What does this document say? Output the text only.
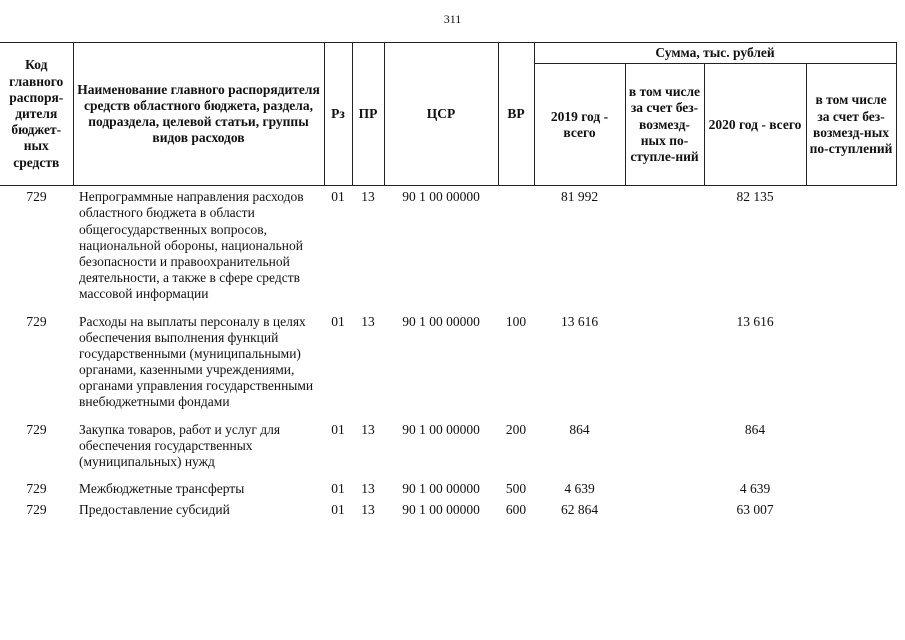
311
Код главного распоря-дителя бюджет-ных средств	Наименование главного распорядителя средств областного бюджета, раздела, подраздела, целевой статьи, группы видов расходов	Рз	ПР	ЦСР	ВР	Сумма, тыс. рублей			
						2019 год - всего	в том числе за счет без-возмезд-ных по-ступле-ний	2020 год - всего	в том числе за счет без-возмезд-ных по-ступлений
729	Непрограммные направления расходов областного бюджета в области общегосударственных вопросов, национальной обороны, национальной безопасности и правоохранительной деятельности, а также в сфере средств массовой информации	01	13	90 1 00 00000		81 992		82 135	
729	Расходы на выплаты персоналу в целях обеспечения выполнения функций государственными (муниципальными) органами, казенными учреждениями, органами управления государственными внебюджетными фондами	01	13	90 1 00 00000	100	13 616		13 616	
729	Закупка товаров, работ и услуг для обеспечения государственных (муниципальных) нужд	01	13	90 1 00 00000	200	864		864	
729	Межбюджетные трансферты	01	13	90 1 00 00000	500	4 639		4 639	
729	Предоставление субсидий	01	13	90 1 00 00000	600	62 864		63 007	
